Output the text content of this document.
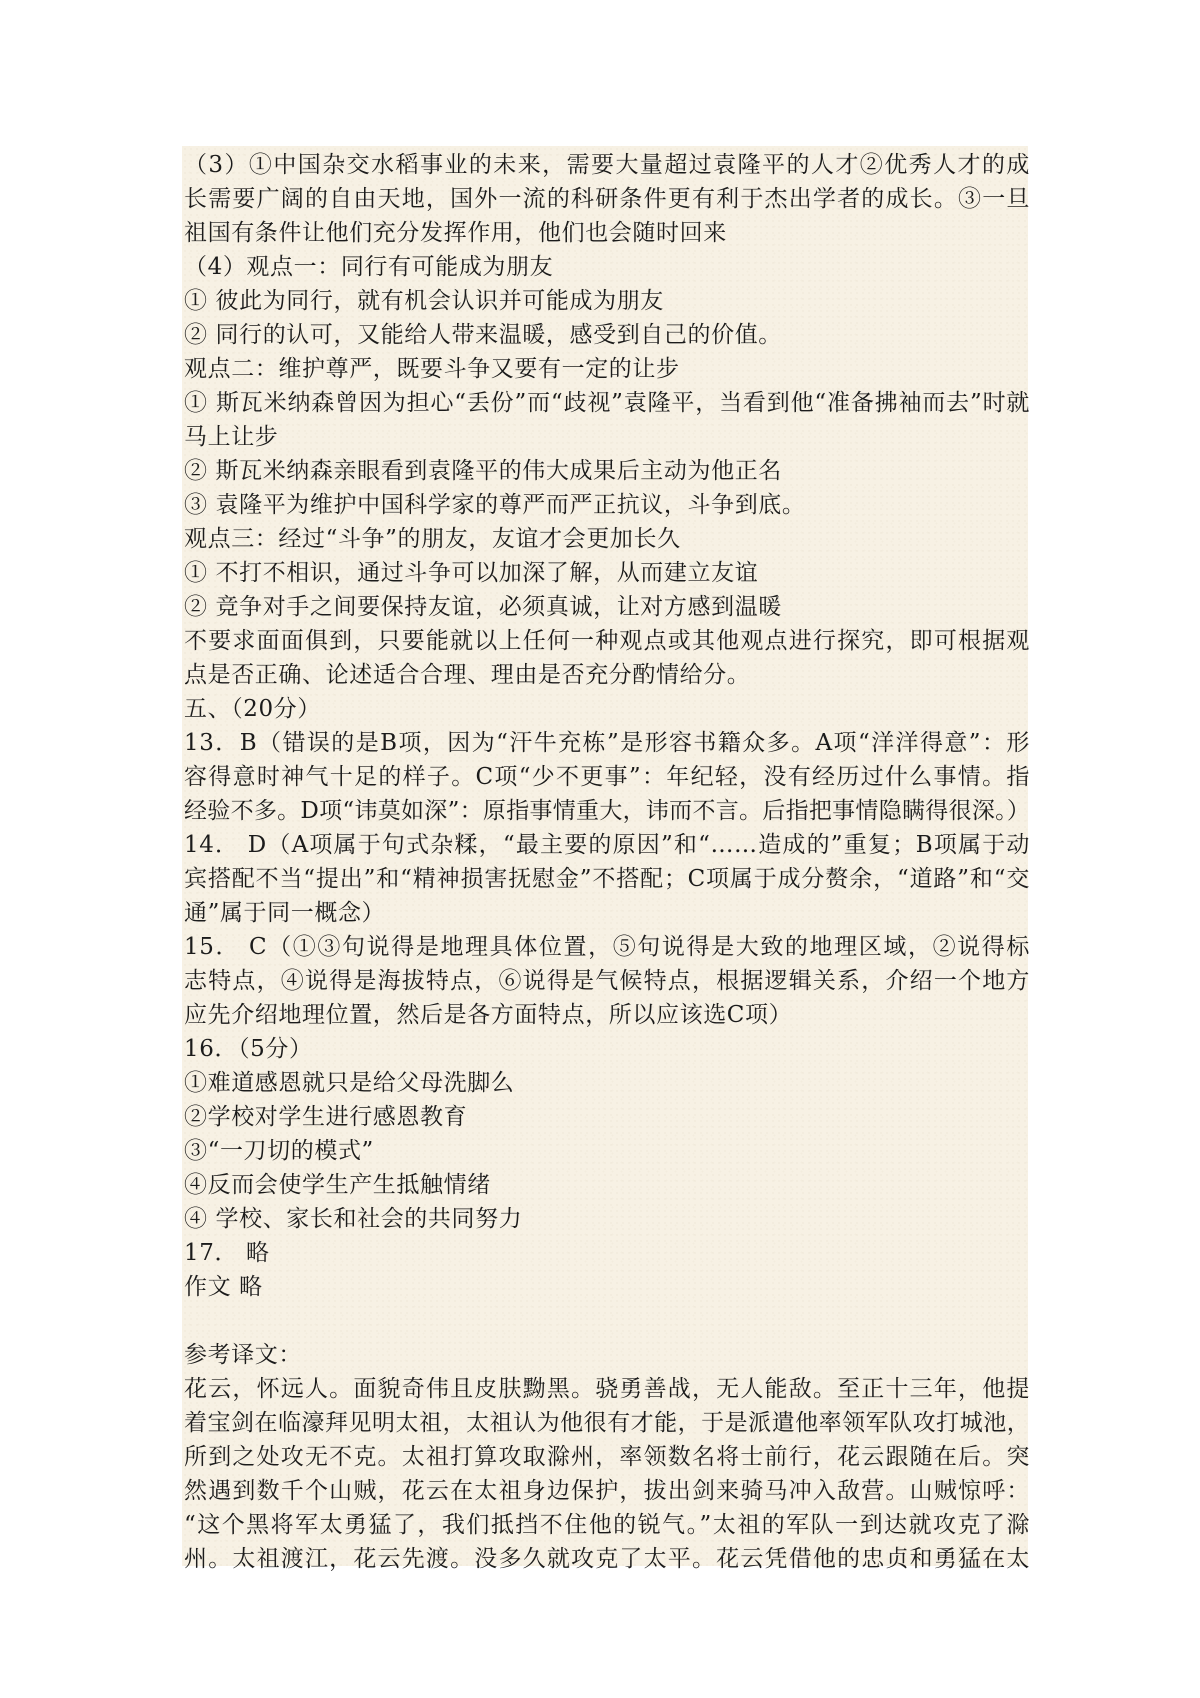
（3）①中国杂交水稻事业的未来，需要大量超过袁隆平的人才②优秀人才的成
长需要广阔的自由天地，国外一流的科研条件更有利于杰出学者的成长。③一旦
祖国有条件让他们充分发挥作用，他们也会随时回来
（4）观点一：同行有可能成为朋友
① 彼此为同行，就有机会认识并可能成为朋友
② 同行的认可，又能给人带来温暖，感受到自己的价值。
观点二：维护尊严，既要斗争又要有一定的让步
① 斯瓦米纳森曾因为担心“丢份”而“歧视”袁隆平，当看到他“准备拂袖而去”时就
马上让步
② 斯瓦米纳森亲眼看到袁隆平的伟大成果后主动为他正名
③ 袁隆平为维护中国科学家的尊严而严正抗议，斗争到底。
观点三：经过“斗争”的朋友，友谊才会更加长久
① 不打不相识，通过斗争可以加深了解，从而建立友谊
② 竞争对手之间要保持友谊，必须真诚，让对方感到温暖
不要求面面俱到，只要能就以上任何一种观点或其他观点进行探究，即可根据观
点是否正确、论述适合合理、理由是否充分酌情给分。
五、（20分）
13．B（错误的是B项，因为“汗牛充栋”是形容书籍众多。A项“洋洋得意”：形
容得意时神气十足的样子。C项“少不更事”：年纪轻，没有经历过什么事情。指
经验不多。D项“讳莫如深”：原指事情重大，讳而不言。后指把事情隐瞒得很深。）
14． D（A项属于句式杂糅，“最主要的原因”和“……造成的”重复；B项属于动
宾搭配不当“提出”和“精神损害抚慰金”不搭配；C项属于成分赘余，“道路”和“交
通”属于同一概念）
15． C（①③句说得是地理具体位置，⑤句说得是大致的地理区域，②说得标
志特点，④说得是海拔特点，⑥说得是气候特点，根据逻辑关系，介绍一个地方
应先介绍地理位置，然后是各方面特点，所以应该选C项）
16．（5分）
①难道感恩就只是给父母洗脚么
②学校对学生进行感恩教育
③“一刀切的模式”
④反而会使学生产生抵触情绪
④ 学校、家长和社会的共同努力
17． 略
作文 略
参考译文：
花云，怀远人。面貌奇伟且皮肤黝黑。骁勇善战，无人能敌。至正十三年，他提
着宝剑在临濠拜见明太祖，太祖认为他很有才能，于是派遣他率领军队攻打城池，
所到之处攻无不克。太祖打算攻取滁州，率领数名将士前行，花云跟随在后。突
然遇到数千个山贼，花云在太祖身边保护，拔出剑来骑马冲入敌营。山贼惊呼：
“这个黑将军太勇猛了，我们抵挡不住他的锐气。”太祖的军队一到达就攻克了滁
州。太祖渡江，花云先渡。没多久就攻克了太平。花云凭借他的忠贞和勇猛在太
